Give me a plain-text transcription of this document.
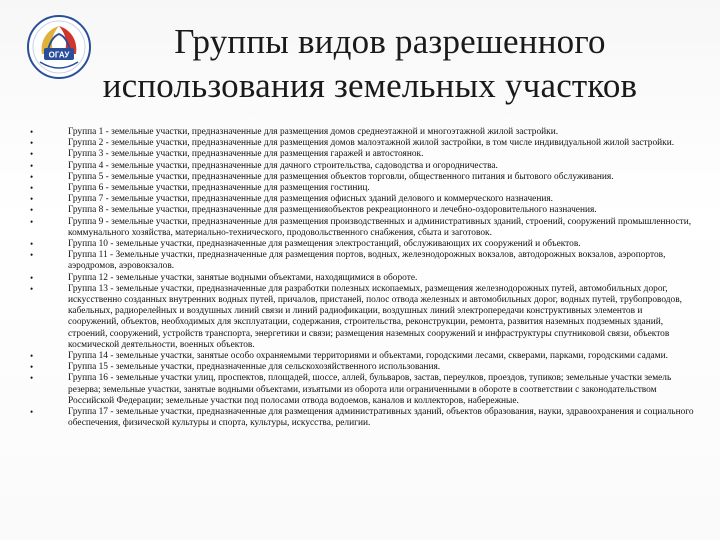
ОГАУ	Группы видов разрешенного
использования земельных участков
•	Группа 1 - земельные участки, предназначенные для размещения домов среднеэтажной и многоэтажной жилой застройки.
•	Группа 2 - земельные участки, предназначенные для размещения домов малоэтажной жилой застройки, в том числе индивидуальной жилой застройки.
•	Группа 3 - земельные участки, предназначенные для размещения гаражей и автостоянок.
•	Группа 4 - земельные участки, предназначенные для дачного строительства, садоводства и огородничества.
•	Группа 5 - земельные участки, предназначенные для размещения объектов торговли, общественного питания и бытового обслуживания.
•	Группа 6 - земельные участки, предназначенные для размещения гостиниц.
•	Группа 7 - земельные участки, предназначенные для размещения офисных зданий делового и коммерческого назначения.
•	Группа 8 - земельные участки, предназначенные для размещенияобъектов рекреационного и лечебно-оздоровительного назначения.
•	Группа 9 - земельные участки, предназначенные для размещения производственных и административных зданий, строений, сооружений промышленности, коммунального хозяйства, материально-технического, продовольственного снабжения, сбыта и заготовок.
•	Группа 10 - земельные участки, предназначенные для размещения электростанций, обслуживающих их сооружений и объектов.
•	Группа 11 - Земельные участки, предназначенные для размещения портов, водных, железнодорожных вокзалов, автодорожных вокзалов, аэропортов, аэродромов, аэровокзалов.
•	Группа 12 - земельные участки, занятые водными объектами, находящимися в обороте.
•	Группа 13 - земельные участки, предназначенные для разработки полезных ископаемых, размещения железнодорожных путей, автомобильных дорог, искусственно созданных внутренних водных путей, причалов, пристаней, полос отвода железных и автомобильных дорог, водных путей, трубопроводов, кабельных, радиорелейных и воздушных линий связи и линий радиофикации, воздушных линий электропередачи конструктивных элементов и сооружений, объектов, необходимых для эксплуатации, содержания, строительства, реконструкции, ремонта, развития наземных подземных зданий, строений, сооружений, устройств транспорта, энергетики и связи; размещения наземных сооружений и инфраструктуры спутниковой связи, объектов космической деятельности, военных объектов.
•	Группа 14 - земельные участки, занятые особо охраняемыми территориями и объектами, городскими лесами, скверами, парками, городскими садами.
•	Группа 15 - земельные участки, предназначенные для сельскохозяйственного использования.
•	Группа 16 - земельные участки улиц, проспектов, площадей, шоссе, аллей, бульваров, застав, переулков, проездов, тупиков; земельные участки земель резерва; земельные участки, занятые водными объектами, изъятыми из оборота или ограниченными в обороте в соответствии с законодательством Российской Федерации; земельные участки под полосами отвода водоемов, каналов и коллекторов, набережные.
•	Группа 17 - земельные участки, предназначенные для размещения административных зданий, объектов образования, науки, здравоохранения и социального обеспечения, физической культуры и спорта, культуры, искусства, религии.
